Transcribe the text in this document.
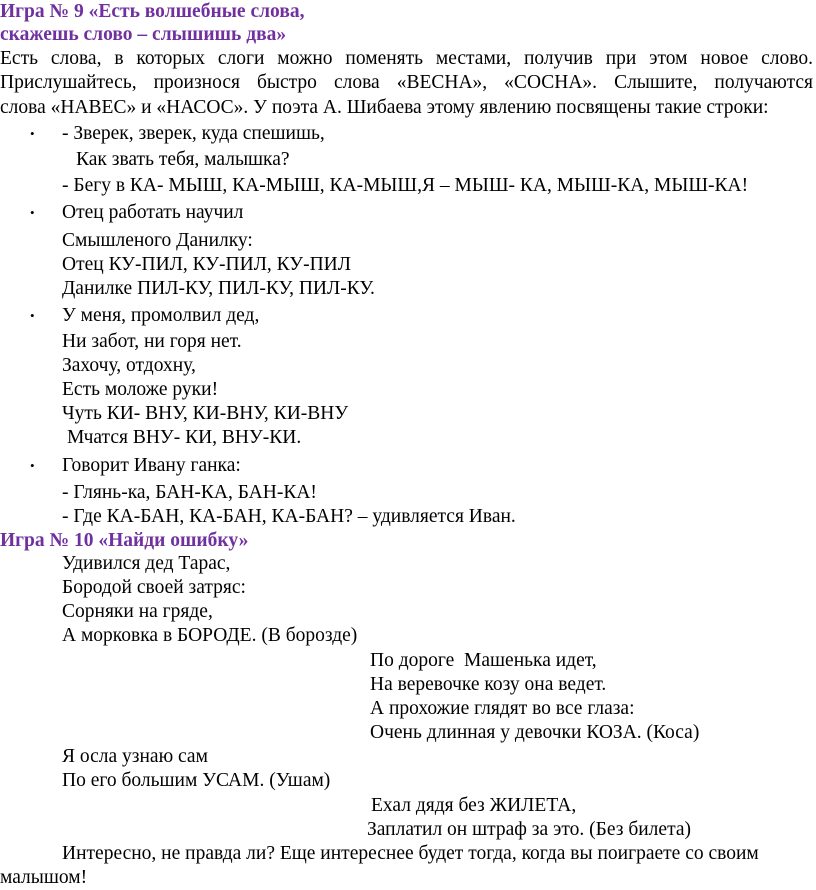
Игра № 9 «Есть волшебные слова,
скажешь слово – слышишь два»
Есть слова, в которых слоги можно поменять местами, получив при этом новое слово.
Прислушайтесь, произнося быстро слова «ВЕСНА», «СОСНА». Слышите, получаются
слова «НАВЕС» и «НАСОС». У поэта А. Шибаева этому явлению посвящены такие строки:
• - Зверек, зверек, куда спешишь,
Как звать тебя, малышка?
- Бегу в КА- МЫШ, КА-МЫШ, КА-МЫШ,Я – МЫШ- КА, МЫШ-КА, МЫШ-КА!
• Отец работать научил
Смышленого Данилку:
Отец КУ-ПИЛ, КУ-ПИЛ, КУ-ПИЛ
Данилке ПИЛ-КУ, ПИЛ-КУ, ПИЛ-КУ.
• У меня, промолвил дед,
Ни забот, ни горя нет.
Захочу, отдохну,
Есть моложе руки!
Чуть КИ- ВНУ, КИ-ВНУ, КИ-ВНУ
Мчатся ВНУ- КИ, ВНУ-КИ.
• Говорит Ивану ганка:
- Глянь-ка, БАН-КА, БАН-КА!
- Где КА-БАН, КА-БАН, КА-БАН? – удивляется Иван.
Игра № 10 «Найди ошибку»
Удивился дед Тарас,
Бородой своей затряс:
Сорняки на гряде,
А морковка в БОРОДЕ. (В борозде)
По дороге  Машенька идет,
На веревочке козу она ведет.
А прохожие глядят во все глаза:
Очень длинная у девочки КОЗА. (Коса)
Я осла узнаю сам
По его большим УСАМ. (Ушам)
Ехал дядя без ЖИЛЕТА,
Заплатил он штраф за это. (Без билета)
Интересно, не правда ли? Еще интереснее будет тогда, когда вы поиграете со своим
малышом!
